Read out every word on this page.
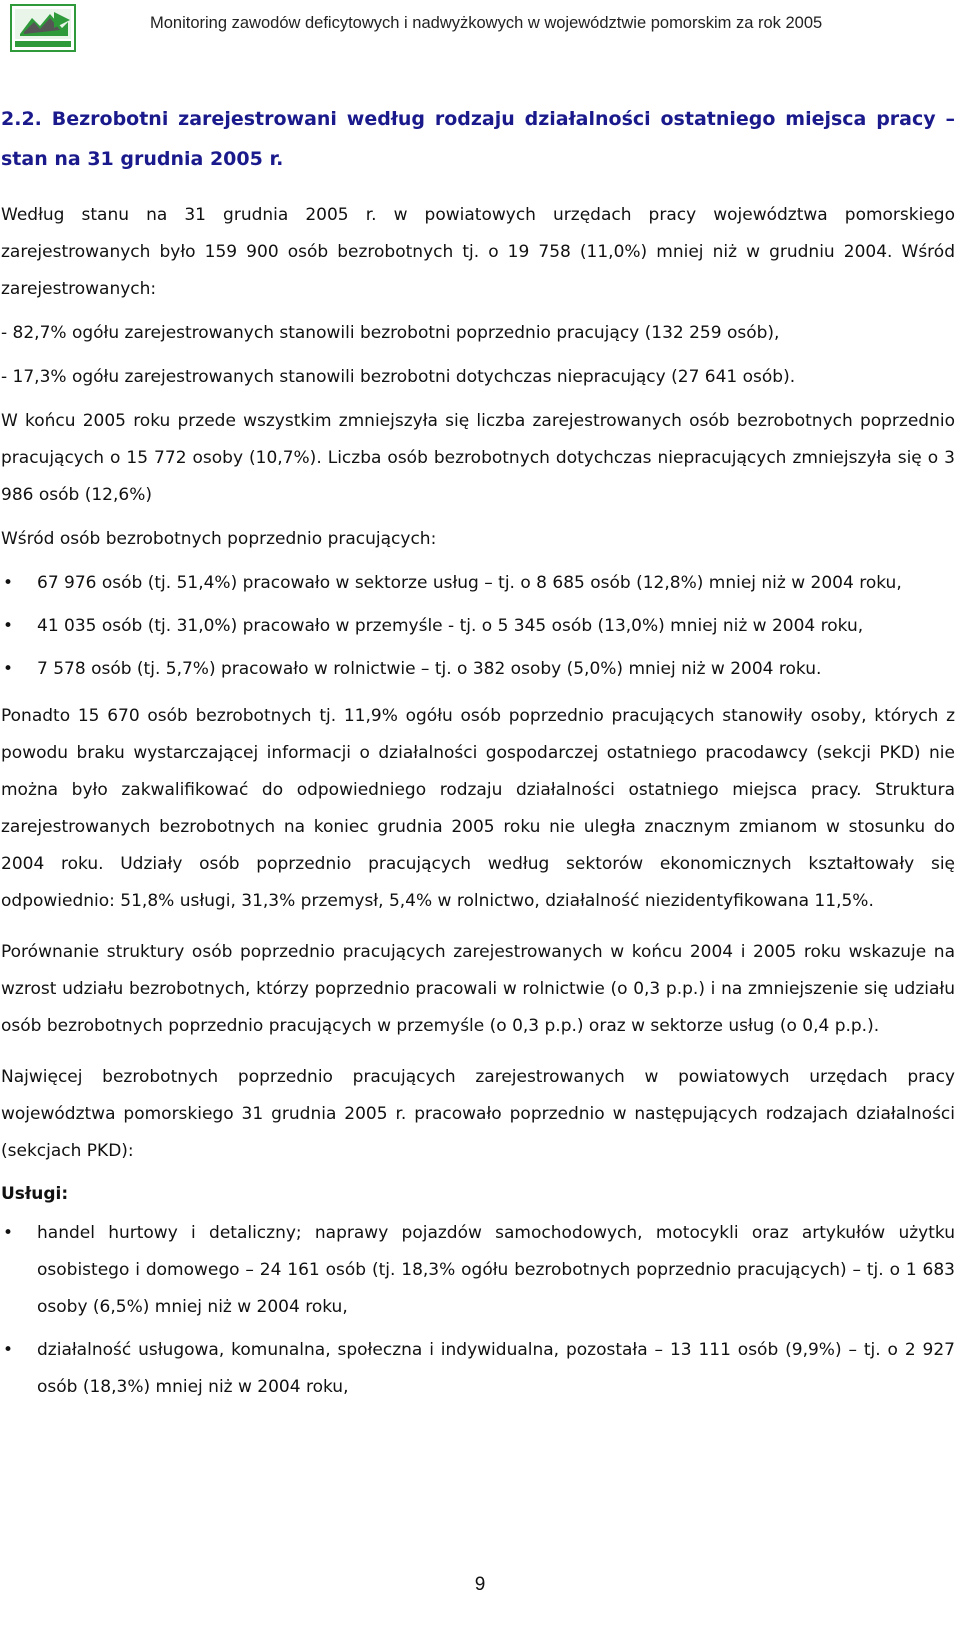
Monitoring zawodów deficytowych i nadwyżkowych w województwie pomorskim za rok 2005
2.2. Bezrobotni zarejestrowani według rodzaju działalności ostatniego miejsca pracy – stan na 31 grudnia 2005 r.

Według stanu na 31 grudnia 2005 r. w powiatowych urzędach pracy województwa pomorskiego zarejestrowanych było 159 900 osób bezrobotnych tj. o 19 758 (11,0%) mniej niż w grudniu 2004. Wśród zarejestrowanych:

- 82,7% ogółu zarejestrowanych stanowili bezrobotni poprzednio pracujący (132 259 osób),

- 17,3% ogółu zarejestrowanych stanowili bezrobotni dotychczas niepracujący (27 641 osób).

W końcu 2005 roku przede wszystkim zmniejszyła się liczba zarejestrowanych osób bezrobotnych poprzednio pracujących o 15 772 osoby (10,7%). Liczba osób bezrobotnych dotychczas niepracujących zmniejszyła się o 3 986 osób (12,6%)

Wśród osób bezrobotnych poprzednio pracujących:

• 67 976 osób (tj. 51,4%) pracowało w sektorze usług – tj. o 8 685 osób (12,8%) mniej niż w 2004 roku,
• 41 035 osób (tj. 31,0%) pracowało w przemyśle - tj. o 5 345 osób (13,0%) mniej niż w 2004 roku,
• 7 578 osób (tj. 5,7%) pracowało w rolnictwie – tj. o 382 osoby (5,0%) mniej niż w 2004 roku.

Ponadto 15 670 osób bezrobotnych tj. 11,9% ogółu osób poprzednio pracujących stanowiły osoby, których z powodu braku wystarczającej informacji o działalności gospodarczej ostatniego pracodawcy (sekcji PKD) nie można było zakwalifikować do odpowiedniego rodzaju działalności ostatniego miejsca pracy. Struktura zarejestrowanych bezrobotnych na koniec grudnia 2005 roku nie uległa znacznym zmianom w stosunku do 2004 roku. Udziały osób poprzednio pracujących według sektorów ekonomicznych kształtowały się odpowiednio: 51,8% usługi, 31,3% przemysł, 5,4% w rolnictwo, działalność niezidentyfikowana 11,5%.

Porównanie struktury osób poprzednio pracujących zarejestrowanych w końcu 2004 i 2005 roku wskazuje na wzrost udziału bezrobotnych, którzy poprzednio pracowali w rolnictwie (o 0,3 p.p.) i na zmniejszenie się udziału osób bezrobotnych poprzednio pracujących w przemyśle (o 0,3 p.p.) oraz w sektorze usług (o 0,4 p.p.).

Najwięcej bezrobotnych poprzednio pracujących zarejestrowanych w powiatowych urzędach pracy województwa pomorskiego 31 grudnia 2005 r. pracowało poprzednio w następujących rodzajach działalności (sekcjach PKD):

Usługi:
• handel hurtowy i detaliczny; naprawy pojazdów samochodowych, motocykli oraz artykułów użytku osobistego i domowego – 24 161 osób (tj. 18,3% ogółu bezrobotnych poprzednio pracujących) – tj. o 1 683 osoby (6,5%) mniej niż w 2004 roku,
• działalność usługowa, komunalna, społeczna i indywidualna, pozostała – 13 111 osób (9,9%) – tj. o 2 927 osób (18,3%) mniej niż w 2004 roku,
9
